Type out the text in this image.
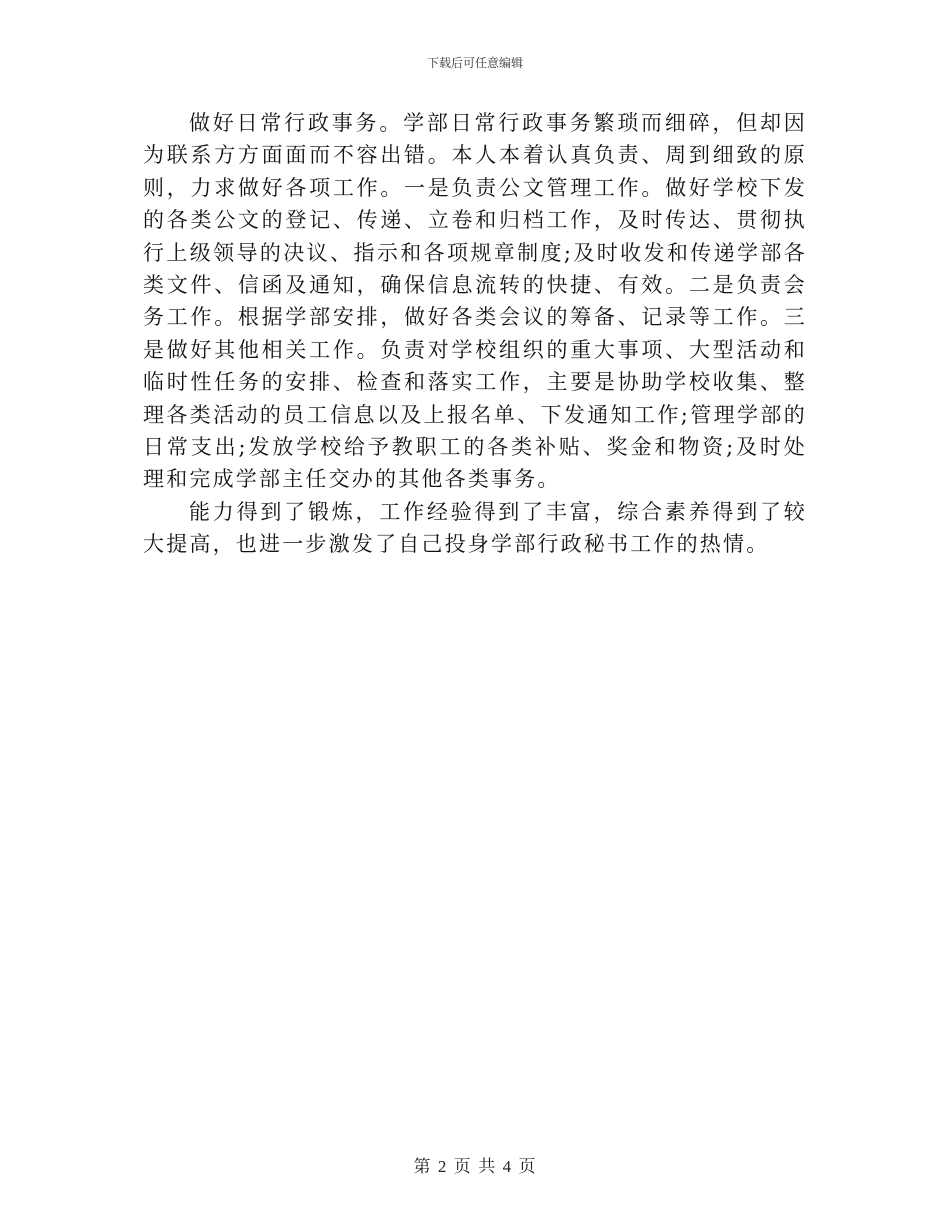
下载后可任意编辑

做好日常行政事务。学部日常行政事务繁琐而细碎，但却因为联系方方面面而不容出错。本人本着认真负责、周到细致的原则，力求做好各项工作。一是负责公文管理工作。做好学校下发的各类公文的登记、传递、立卷和归档工作，及时传达、贯彻执行上级领导的决议、指示和各项规章制度;及时收发和传递学部各类文件、信函及通知，确保信息流转的快捷、有效。二是负责会务工作。根据学部安排，做好各类会议的筹备、记录等工作。三是做好其他相关工作。负责对学校组织的重大事项、大型活动和临时性任务的安排、检查和落实工作，主要是协助学校收集、整理各类活动的员工信息以及上报名单、下发通知工作;管理学部的日常支出;发放学校给予教职工的各类补贴、奖金和物资;及时处理和完成学部主任交办的其他各类事务。

能力得到了锻炼，工作经验得到了丰富，综合素养得到了较大提高，也进一步激发了自己投身学部行政秘书工作的热情。

第 2 页 共 4 页
